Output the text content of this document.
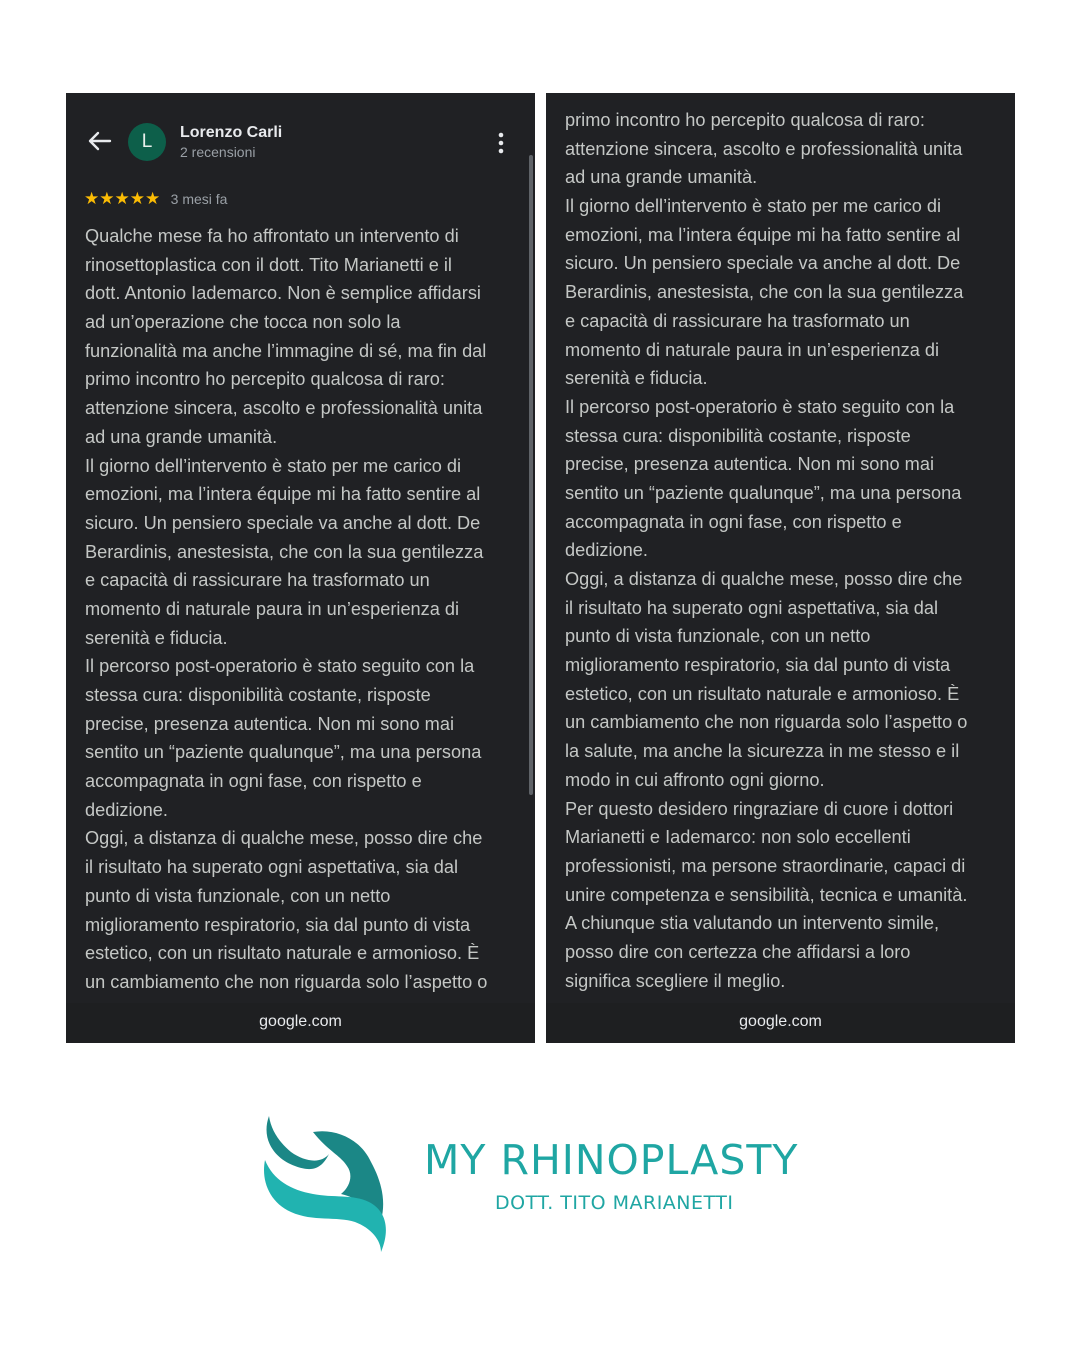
L	Lorenzo Carli
2 recensioni
★★★★★ 3 mesi fa
Qualche mese fa ho affrontato un intervento di
rinosettoplastica con il dott. Tito Marianetti e il
dott. Antonio Iademarco. Non è semplice affidarsi
ad un’operazione che tocca non solo la
funzionalità ma anche l’immagine di sé, ma fin dal
primo incontro ho percepito qualcosa di raro:
attenzione sincera, ascolto e professionalità unita
ad una grande umanità.
Il giorno dell’intervento è stato per me carico di
emozioni, ma l’intera équipe mi ha fatto sentire al
sicuro. Un pensiero speciale va anche al dott. De
Berardinis, anestesista, che con la sua gentilezza
e capacità di rassicurare ha trasformato un
momento di naturale paura in un’esperienza di
serenità e fiducia.
Il percorso post-operatorio è stato seguito con la
stessa cura: disponibilità costante, risposte
precise, presenza autentica. Non mi sono mai
sentito un “paziente qualunque”, ma una persona
accompagnata in ogni fase, con rispetto e
dedizione.
Oggi, a distanza di qualche mese, posso dire che
il risultato ha superato ogni aspettativa, sia dal
punto di vista funzionale, con un netto
miglioramento respiratorio, sia dal punto di vista
estetico, con un risultato naturale e armonioso. È
un cambiamento che non riguarda solo l’aspetto o
google.com
primo incontro ho percepito qualcosa di raro:
attenzione sincera, ascolto e professionalità unita
ad una grande umanità.
Il giorno dell’intervento è stato per me carico di
emozioni, ma l’intera équipe mi ha fatto sentire al
sicuro. Un pensiero speciale va anche al dott. De
Berardinis, anestesista, che con la sua gentilezza
e capacità di rassicurare ha trasformato un
momento di naturale paura in un’esperienza di
serenità e fiducia.
Il percorso post-operatorio è stato seguito con la
stessa cura: disponibilità costante, risposte
precise, presenza autentica. Non mi sono mai
sentito un “paziente qualunque”, ma una persona
accompagnata in ogni fase, con rispetto e
dedizione.
Oggi, a distanza di qualche mese, posso dire che
il risultato ha superato ogni aspettativa, sia dal
punto di vista funzionale, con un netto
miglioramento respiratorio, sia dal punto di vista
estetico, con un risultato naturale e armonioso. È
un cambiamento che non riguarda solo l’aspetto o
la salute, ma anche la sicurezza in me stesso e il
modo in cui affronto ogni giorno.
Per questo desidero ringraziare di cuore i dottori
Marianetti e Iademarco: non solo eccellenti
professionisti, ma persone straordinarie, capaci di
unire competenza e sensibilità, tecnica e umanità.
A chiunque stia valutando un intervento simile,
posso dire con certezza che affidarsi a loro
significa scegliere il meglio.
google.com
MY RHINOPLASTY
DOTT. TITO MARIANETTI
